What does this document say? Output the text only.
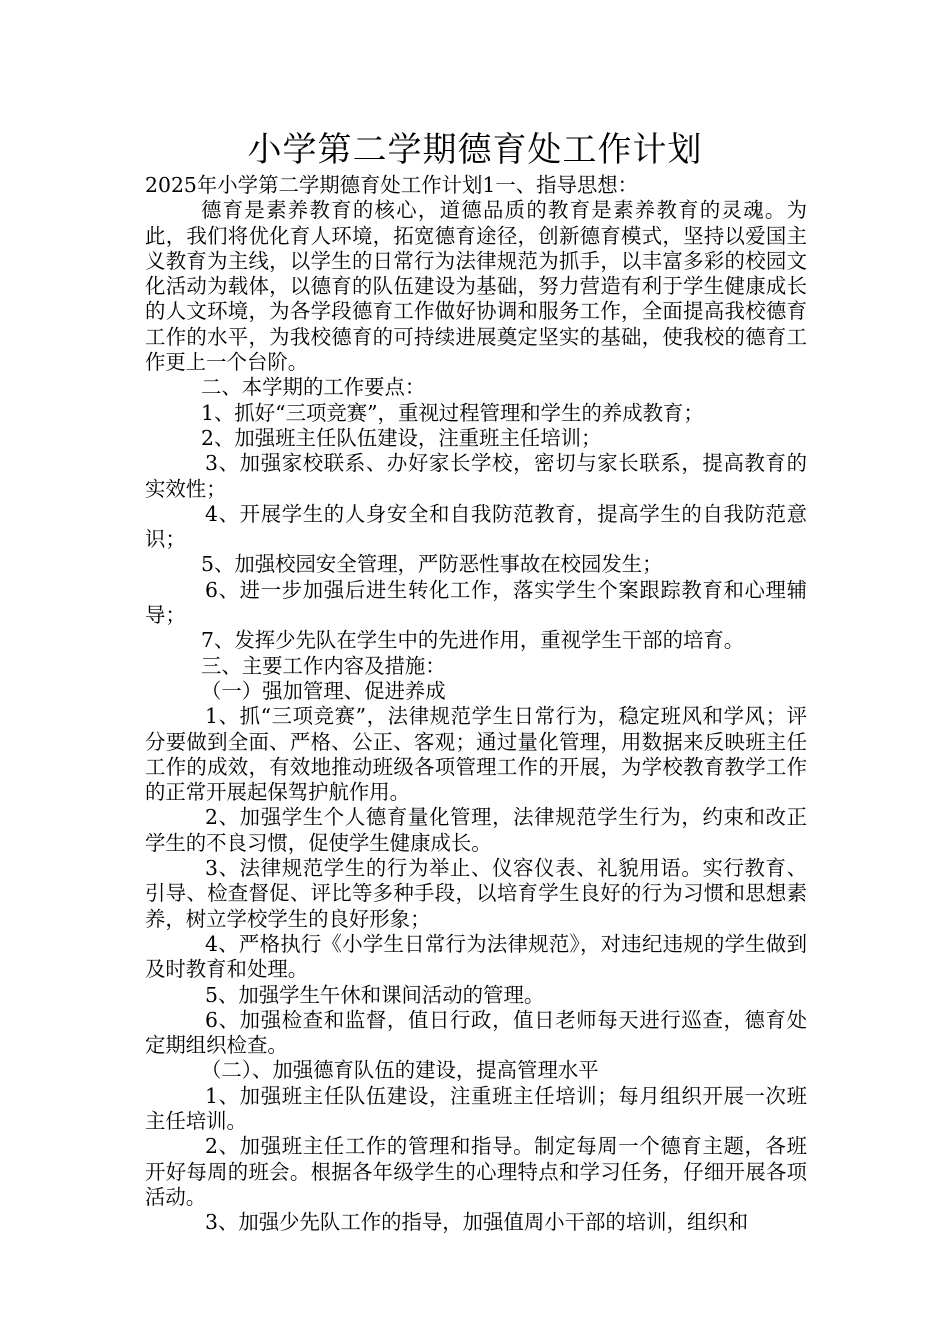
小学第二学期德育处工作计划

2025年小学第二学期德育处工作计划1一、指导思想：

德育是素养教育的核心，道德品质的教育是素养教育的灵魂。为此，我们将优化育人环境，拓宽德育途径，创新德育模式，坚持以爱国主义教育为主线，以学生的日常行为法律规范为抓手，以丰富多彩的校园文化活动为载体，以德育的队伍建设为基础，努力营造有利于学生健康成长的人文环境，为各学段德育工作做好协调和服务工作，全面提高我校德育工作的水平，为我校德育的可持续进展奠定坚实的基础，使我校的德育工作更上一个台阶。

二、本学期的工作要点：

1、抓好“三项竞赛”，重视过程管理和学生的养成教育；

2、加强班主任队伍建设，注重班主任培训；

3、加强家校联系、办好家长学校，密切与家长联系，提高教育的实效性；

4、开展学生的人身安全和自我防范教育，提高学生的自我防范意识；

5、加强校园安全管理，严防恶性事故在校园发生；

6、进一步加强后进生转化工作，落实学生个案跟踪教育和心理辅导；

7、发挥少先队在学生中的先进作用，重视学生干部的培育。

三、主要工作内容及措施：

（一）强加管理、促进养成

1、抓“三项竞赛”，法律规范学生日常行为，稳定班风和学风；评分要做到全面、严格、公正、客观；通过量化管理，用数据来反映班主任工作的成效，有效地推动班级各项管理工作的开展，为学校教育教学工作的正常开展起保驾护航作用。

2、加强学生个人德育量化管理，法律规范学生行为，约束和改正学生的不良习惯，促使学生健康成长。

3、法律规范学生的行为举止、仪容仪表、礼貌用语。实行教育、引导、检查督促、评比等多种手段，以培育学生良好的行为习惯和思想素养，树立学校学生的良好形象；

4、严格执行《小学生日常行为法律规范》，对违纪违规的学生做到及时教育和处理。

5、加强学生午休和课间活动的管理。

6、加强检查和监督，值日行政，值日老师每天进行巡查，德育处定期组织检查。

（二）、加强德育队伍的建设，提高管理水平

1、加强班主任队伍建设，注重班主任培训；每月组织开展一次班主任培训。

2、加强班主任工作的管理和指导。制定每周一个德育主题，各班开好每周的班会。根据各年级学生的心理特点和学习任务，仔细开展各项活动。

3、加强少先队工作的指导，加强值周小干部的培训，组织和
